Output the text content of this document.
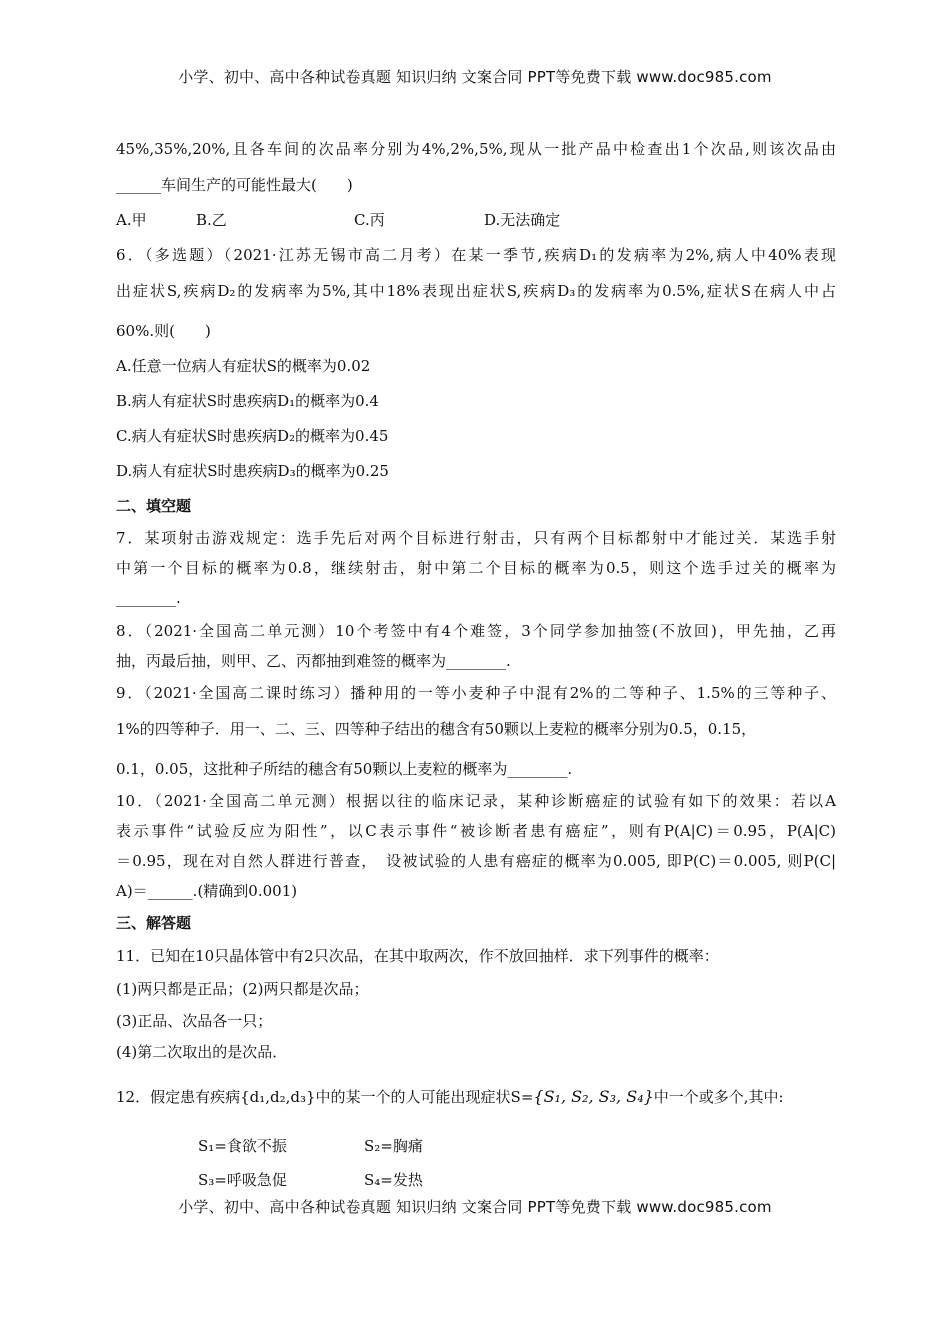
小学、初中、高中各种试卷真题 知识归纳 文案合同 PPT等免费下载 www.doc985.com
45%,35%,20%,且各车间的次品率分别为4%,2%,5%,现从一批产品中检查出1个次品,则该次品由
______车间生产的可能性最大(　　)
A.甲	B.乙	C.丙	D.无法确定
6．（多选题）（2021·江苏无锡市高二月考）在某一季节,疾病D₁的发病率为2%,病人中40%表现
出症状S,疾病D₂的发病率为5%,其中18%表现出症状S,疾病D₃的发病率为0.5%,症状S在病人中占
60%.则(　　)
A.任意一位病人有症状S的概率为0.02
B.病人有症状S时患疾病D₁的概率为0.4
C.病人有症状S时患疾病D₂的概率为0.45
D.病人有症状S时患疾病D₃的概率为0.25
二、填空题
7．某项射击游戏规定：选手先后对两个目标进行射击，只有两个目标都射中才能过关．某选手射
中第一个目标的概率为0.8，继续射击，射中第二个目标的概率为0.5，则这个选手过关的概率为
________.
8．（2021·全国高二单元测）10个考签中有4个难签，3个同学参加抽签(不放回)，甲先抽，乙再
抽，丙最后抽，则甲、乙、丙都抽到难签的概率为________.
9．（2021·全国高二课时练习）播种用的一等小麦种子中混有2%的二等种子、1.5%的三等种子、
1%的四等种子．用一、二、三、四等种子结出的穗含有50颗以上麦粒的概率分别为0.5，0.15，
0.1，0.05，这批种子所结的穗含有50颗以上麦粒的概率为________.
10．（2021·全国高二单元测）根据以往的临床记录，某种诊断癌症的试验有如下的效果：若以A
表示事件“试验反应为阳性”，以C表示事件“被诊断者患有癌症”，则有P(A|C)＝0.95，P(A|C)
＝0.95，现在对自然人群进行普查，　设被试验的人患有癌症的概率为0.005, 即P(C)＝0.005, 则P(C|
A)＝______.(精确到0.001)
三、解答题
11．已知在10只晶体管中有2只次品，在其中取两次，作不放回抽样．求下列事件的概率：
(1)两只都是正品；(2)两只都是次品；
(3)正品、次品各一只；
(4)第二次取出的是次品．
12．假定患有疾病{d₁,d₂,d₃}中的某一个的人可能出现症状S={S₁, S₂, S₃, S₄}中一个或多个,其中:
S₁=食欲不振	S₂=胸痛
S₃=呼吸急促	S₄=发热
小学、初中、高中各种试卷真题 知识归纳 文案合同 PPT等免费下载 www.doc985.com
